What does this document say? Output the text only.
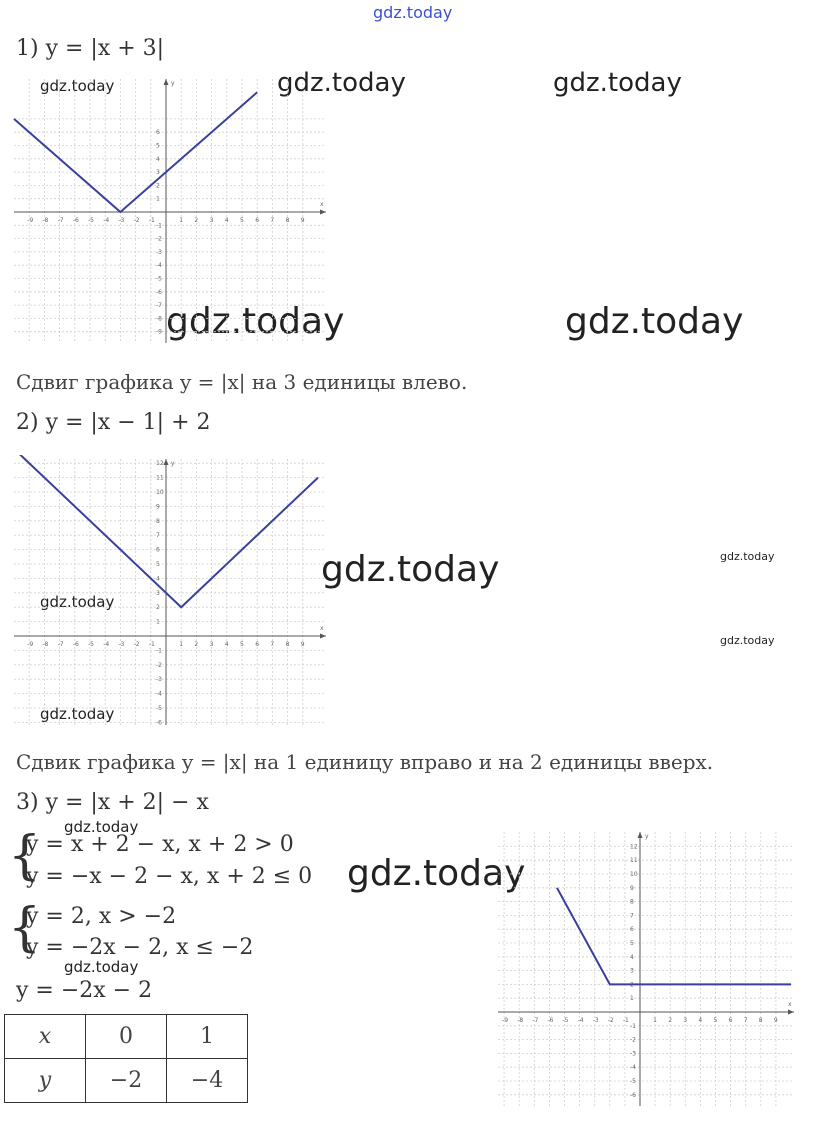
gdz.today
gdz.today	gdz.today	gdz.today
gdz.today	gdz.today
gdz.today	gdz.today
gdz.today
gdz.today
gdz.today
gdz.today
gdz.today
gdz.today
1) y = |x + 3|
x
y
-9 -8 -7 -6 -5 -4 -3 -2 -1	1 2 3 4 5 6 7 8 9
6
5
4
3
2
1
-1
-2
-3
-4
-5
-6
-7
-8
-9
Сдвиг графика y = |x| на 3 единицы влево.
2) y = |x − 1| + 2
x
y
-9 -8 -7 -6 -5 -4 -3 -2 -1	1 2 3 4 5 6 7 8 9
12
11
10
9
8
7
6
5
4
3
2
1
-1
-2
-3
-4
-5
-6
Сдвик графика y = |x| на 1 единицу вправо и на 2 единицы вверх.
3) y = |x + 2| − x
{
y = x + 2 − x, x + 2 > 0
y = −x − 2 − x, x + 2 ≤ 0
{
y = 2, x > −2
y = −2x − 2, x ≤ −2
y = −2x − 2
x	0	1
y	−2	−4
x
y
-9 -8 -7 -6 -5 -4 -3 -2 -1	1 2 3 4 5 6 7 8 9
12
11
10
9
8
7
6
5
4
3
2
1
-1
-2
-3
-4
-5
-6
